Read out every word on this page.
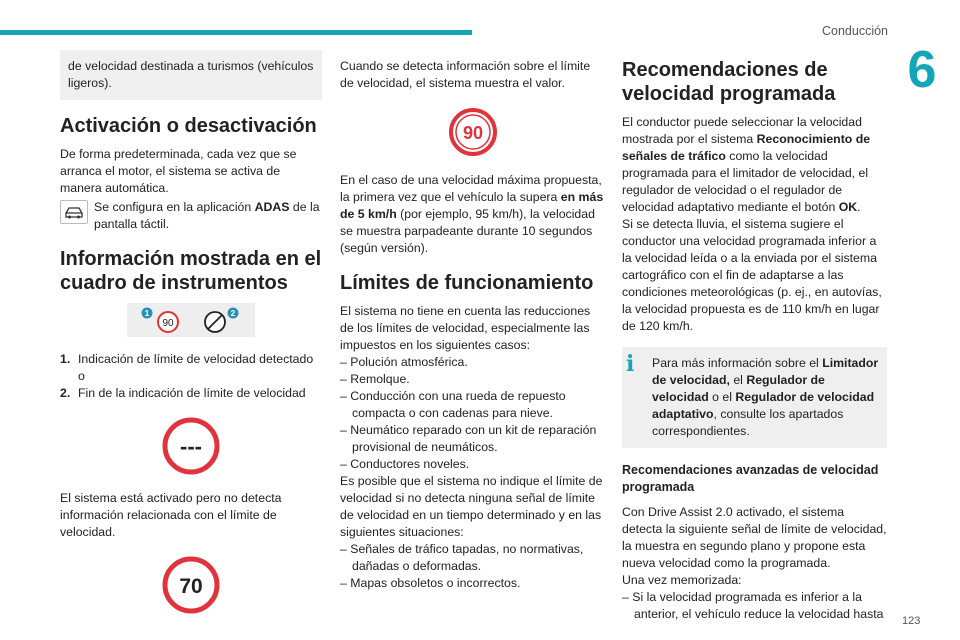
Conducción
6
123

de velocidad destinada a turismos (vehículos ligeros).

Activación o desactivación

De forma predeterminada, cada vez que se arranca el motor, el sistema se activa de manera automática.

Se configura en la aplicación ADAS de la pantalla táctil.

Información mostrada en el cuadro de instrumentos
1
90
2
1. Indicación de límite de velocidad detectado o
2. Fin de la indicación de límite de velocidad
---

El sistema está activado pero no detecta información relacionada con el límite de velocidad.

70

Cuando se detecta información sobre el límite de velocidad, el sistema muestra el valor.

90

En el caso de una velocidad máxima propuesta, la primera vez que el vehículo la supera en más de 5 km/h (por ejemplo, 95 km/h), la velocidad se muestra parpadeante durante 10 segundos (según versión).

Límites de funcionamiento

El sistema no tiene en cuenta las reducciones de los límites de velocidad, especialmente las impuestos en los siguientes casos:

– Polución atmosférica.
– Remolque.
– Conducción con una rueda de repuesto compacta o con cadenas para nieve.
– Neumático reparado con un kit de reparación provisional de neumáticos.
– Conductores noveles.

Es posible que el sistema no indique el límite de velocidad si no detecta ninguna señal de límite de velocidad en un tiempo determinado y en las siguientes situaciones:

– Señales de tráfico tapadas, no normativas, dañadas o deformadas.
– Mapas obsoletos o incorrectos.
Recomendaciones de velocidad programada

El conductor puede seleccionar la velocidad mostrada por el sistema Reconocimiento de señales de tráfico como la velocidad programada para el limitador de velocidad, el regulador de velocidad o el regulador de velocidad adaptativo mediante el botón OK.

Si se detecta lluvia, el sistema sugiere el conductor una velocidad programada inferior a la velocidad leída o a la enviada por el sistema cartográfico con el fin de adaptarse a las condiciones meteorológicas (p. ej., en autovías, la velocidad propuesta es de 110 km/h en lugar de 120 km/h.

i Para más información sobre el Limitador de velocidad, el Regulador de velocidad o el Regulador de velocidad adaptativo, consulte los apartados correspondientes.

Recomendaciones avanzadas de velocidad programada

Con Drive Assist 2.0 activado, el sistema detecta la siguiente señal de límite de velocidad, la muestra en segundo plano y propone esta nueva velocidad como la programada.

Una vez memorizada:

– Si la velocidad programada es inferior a la anterior, el vehículo reduce la velocidad hasta
